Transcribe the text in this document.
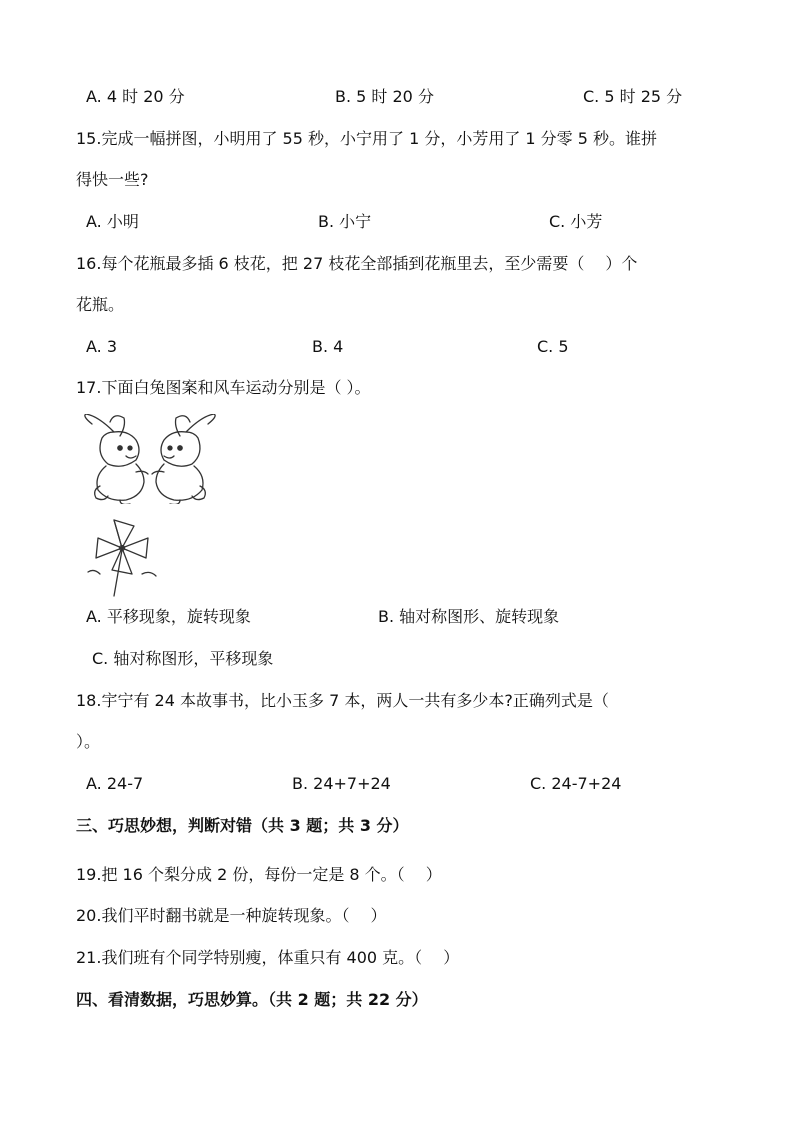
A. 4 时 20 分	B. 5 时 20 分	C. 5 时 25 分
15.完成一幅拼图，小明用了 55 秒，小宁用了 1 分，小芳用了 1 分零 5 秒。谁拼
得快一些?
A. 小明	B. 小宁	C. 小芳
16.每个花瓶最多插 6 枝花，把 27 枝花全部插到花瓶里去，至少需要（　 ）个
花瓶。
A. 3	B. 4	C. 5
17.下面白兔图案和风车运动分别是（ ）。
A. 平移现象，旋转现象	B. 轴对称图形、旋转现象
C. 轴对称图形，平移现象
18.宇宁有 24 本故事书，比小玉多 7 本，两人一共有多少本?正确列式是（
）。
A. 24-7	B. 24+7+24	C. 24-7+24
三、巧思妙想，判断对错（共 3 题；共 3 分）
19.把 16 个梨分成 2 份，每份一定是 8 个。（　 ）
20.我们平时翻书就是一种旋转现象。（　 ）
21.我们班有个同学特别瘦，体重只有 400 克。（　 ）
四、看清数据，巧思妙算。（共 2 题；共 22 分）
